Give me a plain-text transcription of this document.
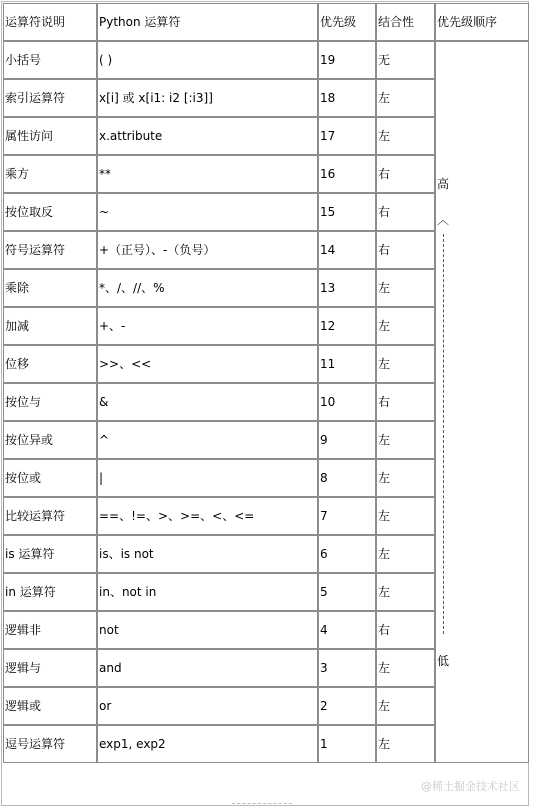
运算符说明	Python 运算符	优先级	结合性	优先级顺序
小括号	( )	19	无	高
︿
低

索引运算符	x[i] 或 x[i1: i2 [:i3]]	18	左	
属性访问	x.attribute	17	左	
乘方	**	16	右	
按位取反	~	15	右	
符号运算符	+（正号）、-（负号）	14	右	
乘除	*、/、//、%	13	左	
加减	+、-	12	左	
位移	>>、<<	11	左	
按位与	&	10	右	
按位异或	^	9	左	
按位或	|	8	左	
比较运算符	==、!=、>、>=、<、<=	7	左	
is 运算符	is、is not	6	左	
in 运算符	in、not in	5	左	
逻辑非	not	4	右	
逻辑与	and	3	左	
逻辑或	or	2	左	
逗号运算符	exp1, exp2	1	左	
@稀土掘金技术社区
